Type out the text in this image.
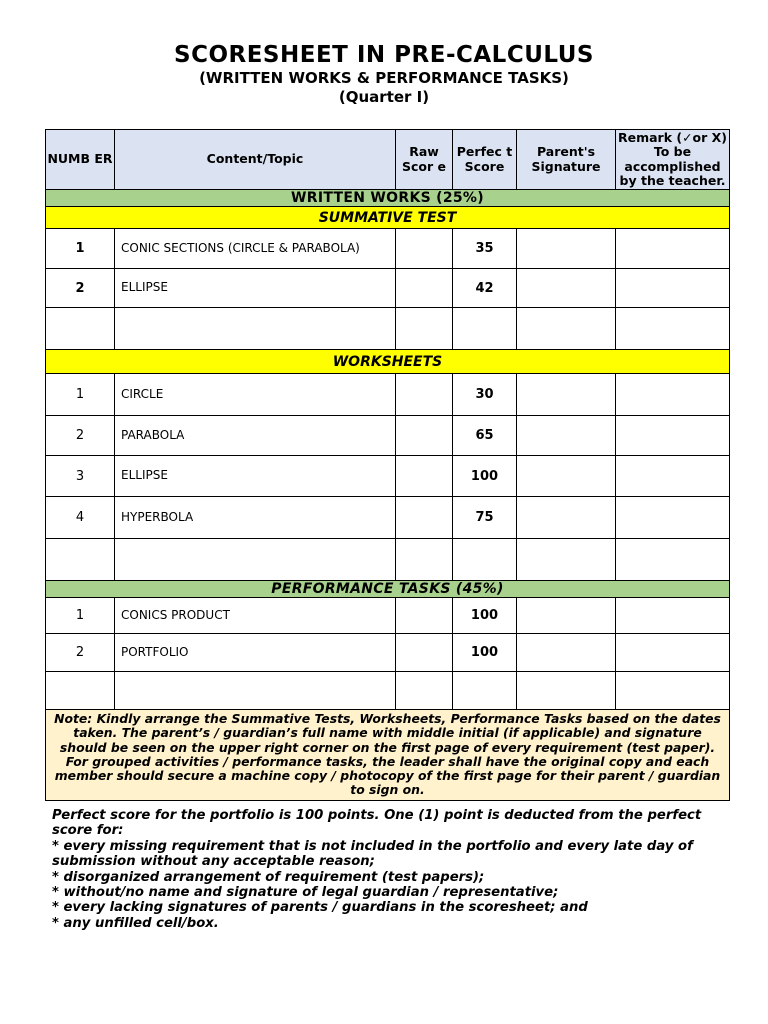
SCORESHEET IN PRE-CALCULUS
(WRITTEN WORKS & PERFORMANCE TASKS)
(Quarter I)
NUMB ER	Content/Topic	Raw Scor e	Perfec t Score	Parent's Signature	Remark (✓or X)
To be accomplished by the teacher.

WRITTEN WORKS (25%)					
SUMMATIVE TEST					
1	CONIC SECTIONS (CIRCLE & PARABOLA)		35		
2	ELLIPSE		42		

WORKSHEETS					
1	CIRCLE		30		
2	PARABOLA		65		
3	ELLIPSE		100		
4	HYPERBOLA		75		

PERFORMANCE TASKS (45%)					
1	CONICS PRODUCT		100		
2	PORTFOLIO		100		

Note: Kindly arrange the Summative Tests, Worksheets, Performance Tasks based on the dates taken. The parent’s / guardian’s full name with middle initial (if applicable) and signature should be seen on the upper right corner on the first page of every requirement (test paper). For grouped activities / performance tasks, the leader shall have the original copy and each member should secure a machine copy / photocopy of the first page for their parent / guardian to sign on.					
Perfect score for the portfolio is 100 points. One (1) point is deducted from the perfect score for:
* every missing requirement that is not included in the portfolio and every late day of submission without any acceptable reason;
* disorganized arrangement of requirement (test papers);
* without/no name and signature of legal guardian / representative;
* every lacking signatures of parents / guardians in the scoresheet; and
* any unfilled cell/box.
